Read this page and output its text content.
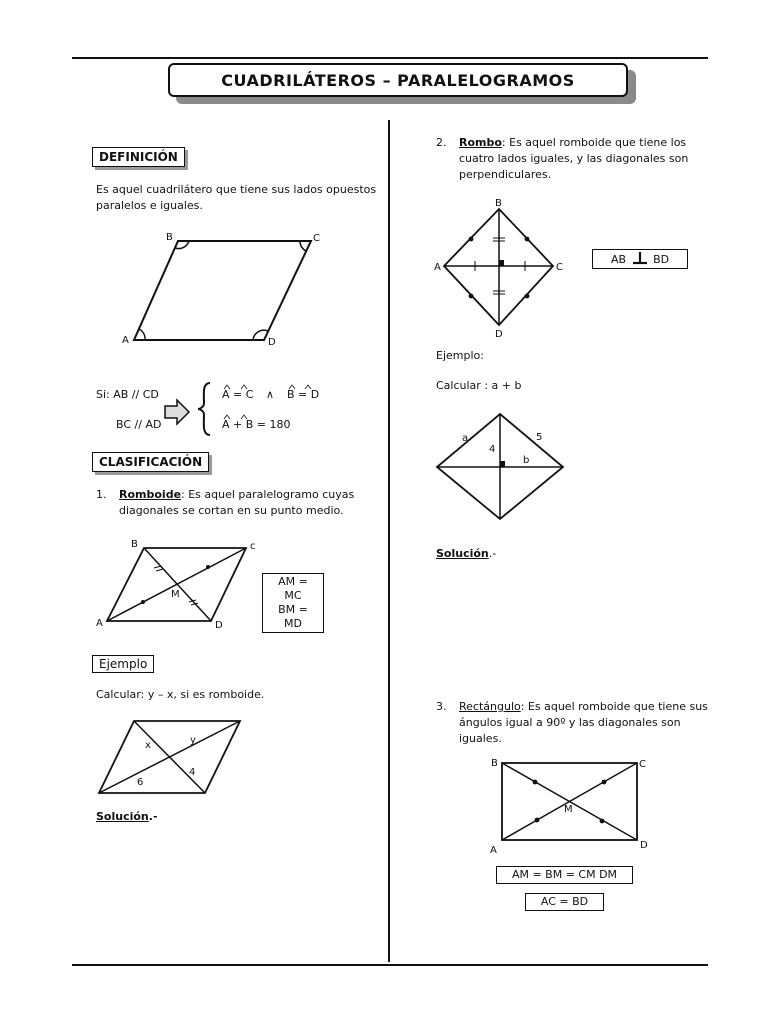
CUADRILÁTEROS – PARALELOGRAMOS
DEFINICIÓN
Es aquel cuadrilátero que tiene sus lados opuestos
paralelos e iguales.
B	C
A	D
Si: AB // CD
BC // AD
A = C ∧ B = D
A + B = 180
CLASIFICACIÓN
1. Romboide: Es aquel paralelogramo cuyas
diagonales se cortan en su punto medio.
B	c
A	D
M
AM = MC
BM = MD
Ejemplo
Calcular: y – x, si es romboide.
x	y
6
4
Solución.-
2. Rombo: Es aquel romboide que tiene los
cuatro lados iguales, y las diagonales son
perpendiculares.
B
A	C
D
AB BD
Ejemplo:
Calcular : a + b
a	5
4
b
Solución.-
3. Rectángulo: Es aquel romboide que tiene sus
ángulos igual a 90º y las diagonales son
iguales.
B	C
A	D
M
AM = BM = CM DM
AC = BD
